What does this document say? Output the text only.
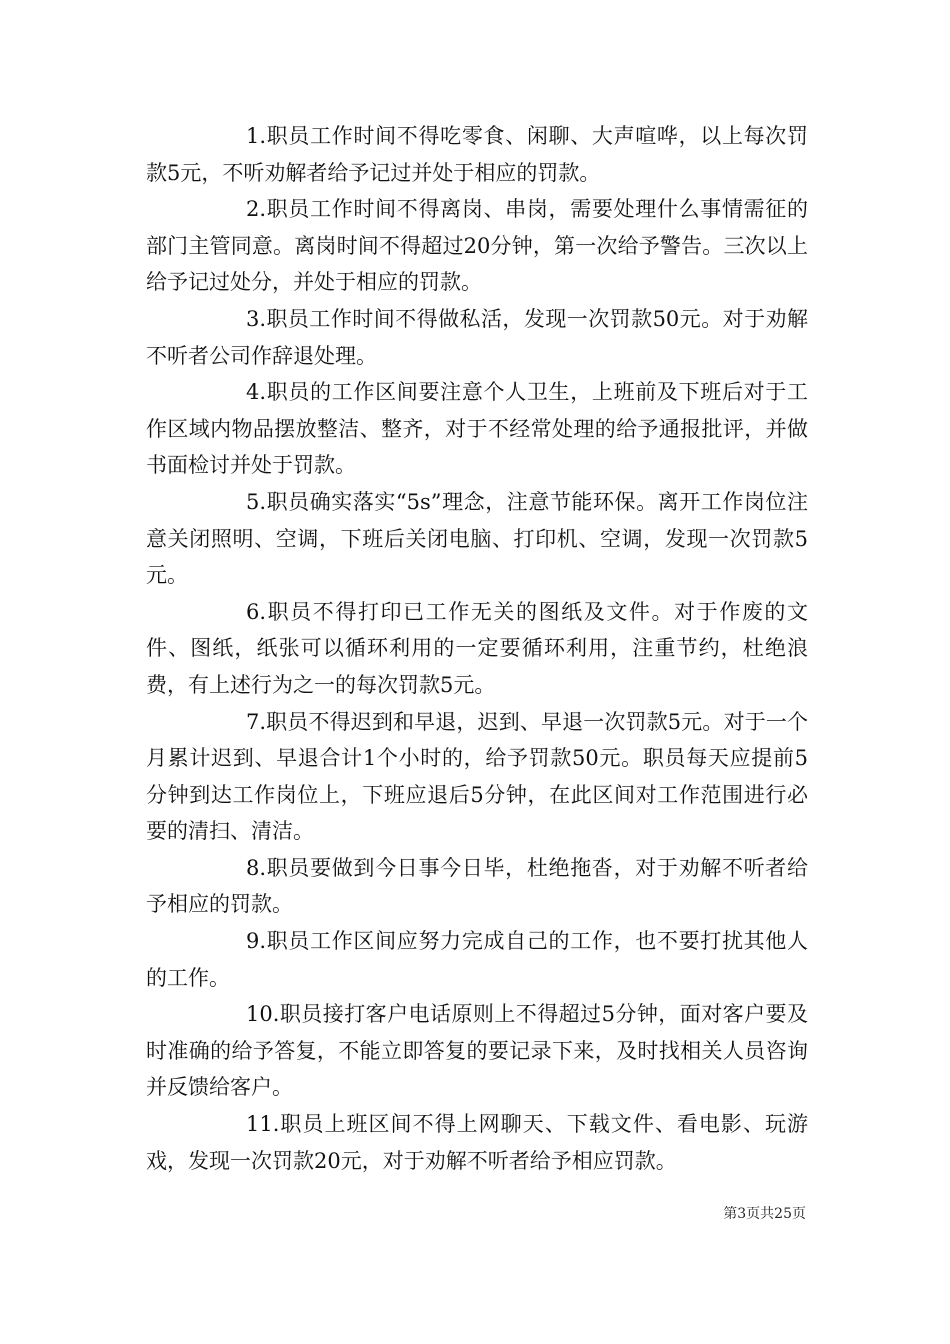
1.职员工作时间不得吃零食、闲聊、大声喧哗，以上每次罚款5元，不听劝解者给予记过并处于相应的罚款。

2.职员工作时间不得离岗、串岗，需要处理什么事情需征的部门主管同意。离岗时间不得超过20分钟，第一次给予警告。三次以上给予记过处分，并处于相应的罚款。

3.职员工作时间不得做私活，发现一次罚款50元。对于劝解不听者公司作辞退处理。

4.职员的工作区间要注意个人卫生，上班前及下班后对于工作区域内物品摆放整洁、整齐，对于不经常处理的给予通报批评，并做书面检讨并处于罚款。

5.职员确实落实“5s”理念，注意节能环保。离开工作岗位注意关闭照明、空调，下班后关闭电脑、打印机、空调，发现一次罚款5元。

6.职员不得打印已工作无关的图纸及文件。对于作废的文件、图纸，纸张可以循环利用的一定要循环利用，注重节约，杜绝浪费，有上述行为之一的每次罚款5元。

7.职员不得迟到和早退，迟到、早退一次罚款5元。对于一个月累计迟到、早退合计1个小时的，给予罚款50元。职员每天应提前5分钟到达工作岗位上，下班应退后5分钟，在此区间对工作范围进行必要的清扫、清洁。

8.职员要做到今日事今日毕，杜绝拖沓，对于劝解不听者给予相应的罚款。

9.职员工作区间应努力完成自己的工作，也不要打扰其他人的工作。

10.职员接打客户电话原则上不得超过5分钟，面对客户要及时准确的给予答复，不能立即答复的要记录下来，及时找相关人员咨询并反馈给客户。

11.职员上班区间不得上网聊天、下载文件、看电影、玩游戏，发现一次罚款20元，对于劝解不听者给予相应罚款。

第3页共25页
